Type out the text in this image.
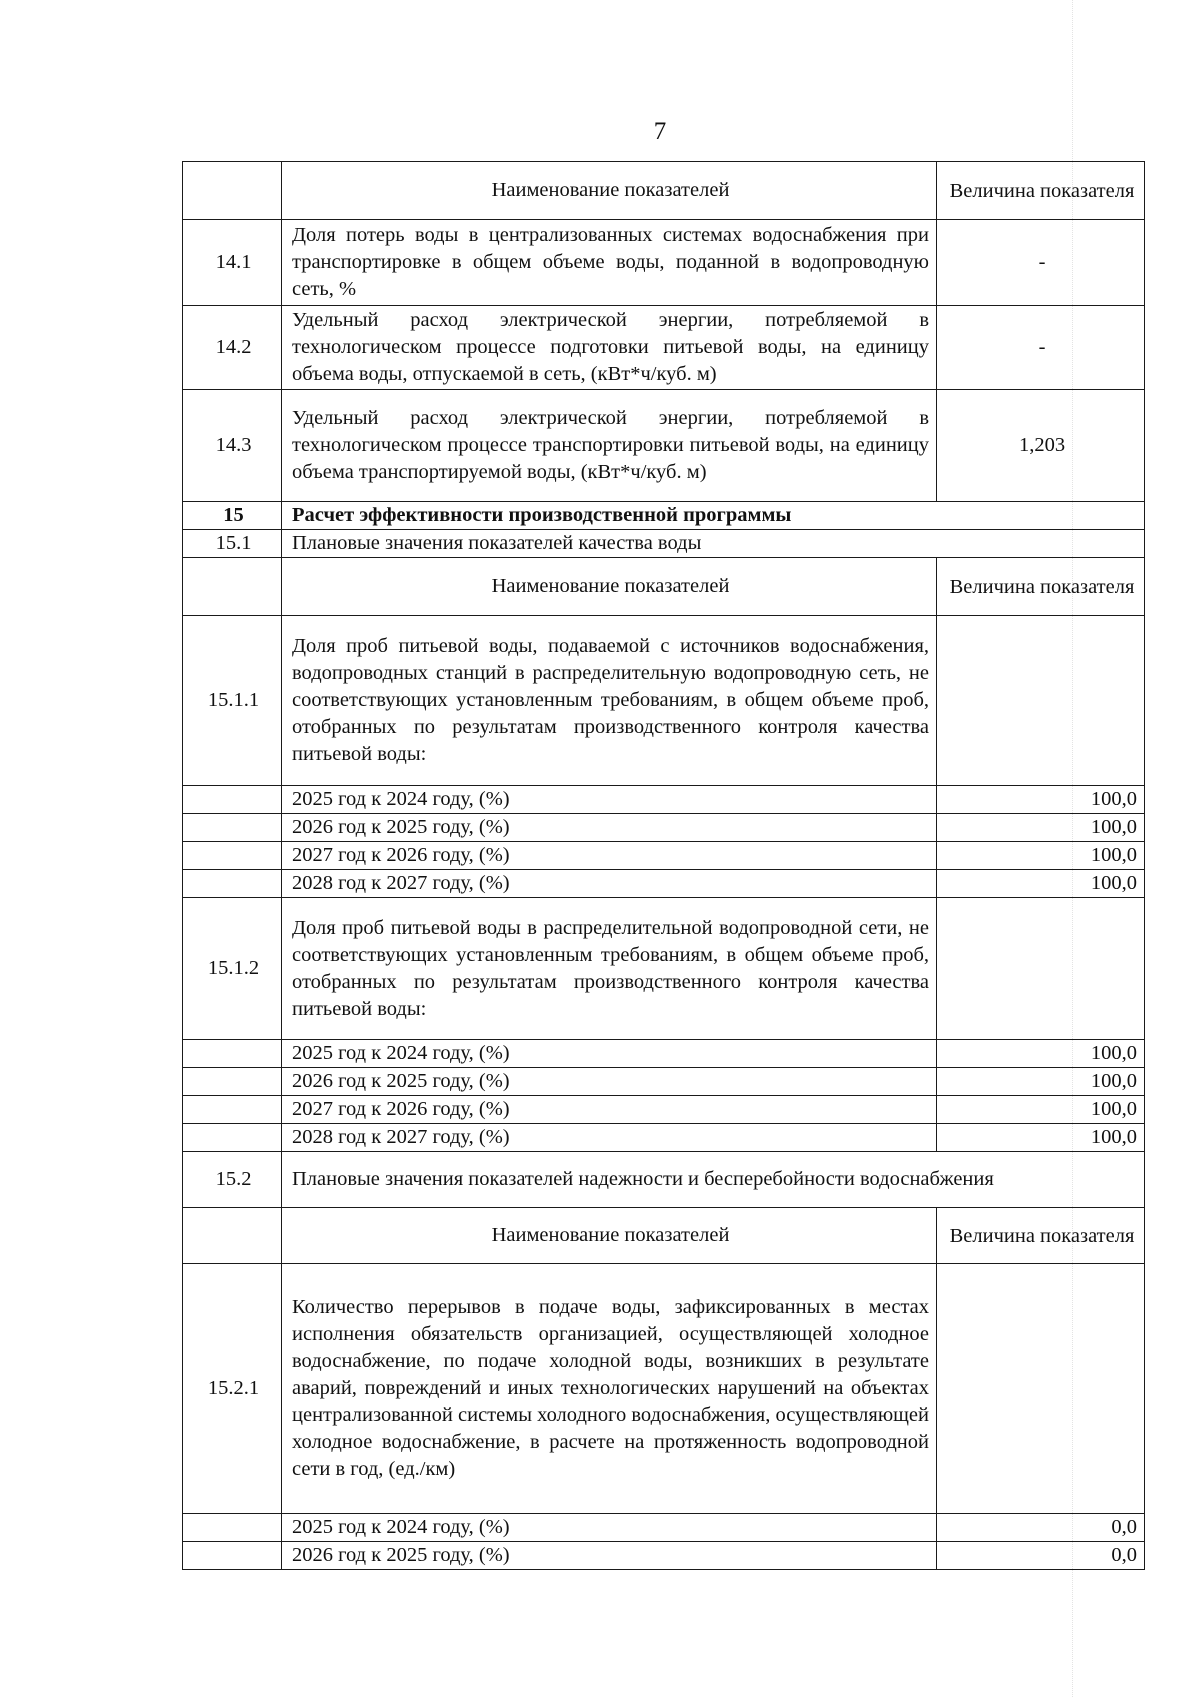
7
	Наименование показателей	Величина показателя
14.1	Доля потерь воды в централизованных системах водоснабжения при транспортировке в общем объеме воды, поданной в водопроводную сеть, %	-
14.2	Удельный расход электрической энергии, потребляемой в технологическом процессе подготовки питьевой воды, на единицу объема воды, отпускаемой в сеть, (кВт*ч/куб. м)	-
14.3	Удельный расход электрической энергии, потребляемой в технологическом процессе транспортировки питьевой воды, на единицу объема транспортируемой воды, (кВт*ч/куб. м)	1,203
15	Расчет эффективности производственной программы	
15.1	Плановые значения показателей качества воды	
	Наименование показателей	Величина показателя
15.1.1	Доля проб питьевой воды, подаваемой с источников водоснабжения, водопроводных станций в распределительную водопроводную сеть, не соответствующих установленным требованиям, в общем объеме проб, отобранных по результатам производственного контроля качества питьевой воды:	
	2025 год к 2024 году, (%)	100,0
	2026 год к 2025 году, (%)	100,0
	2027 год к 2026 году, (%)	100,0
	2028 год к 2027 году, (%)	100,0
15.1.2	Доля проб питьевой воды в распределительной водопроводной сети, не соответствующих установленным требованиям, в общем объеме проб, отобранных по результатам производственного контроля качества питьевой воды:	
	2025 год к 2024 году, (%)	100,0
	2026 год к 2025 году, (%)	100,0
	2027 год к 2026 году, (%)	100,0
	2028 год к 2027 году, (%)	100,0
15.2	Плановые значения показателей надежности и бесперебойности водоснабжения	
	Наименование показателей	Величина показателя
15.2.1	Количество перерывов в подаче воды, зафиксированных в местах исполнения обязательств организацией, осуществляющей холодное водоснабжение, по подаче холодной воды, возникших в результате аварий, повреждений и иных технологических нарушений на объектах централизованной системы холодного водоснабжения, осуществляющей холодное водоснабжение, в расчете на протяженность водопроводной сети в год, (ед./км)	
	2025 год к 2024 году, (%)	0,0
	2026 год к 2025 году, (%)	0,0
